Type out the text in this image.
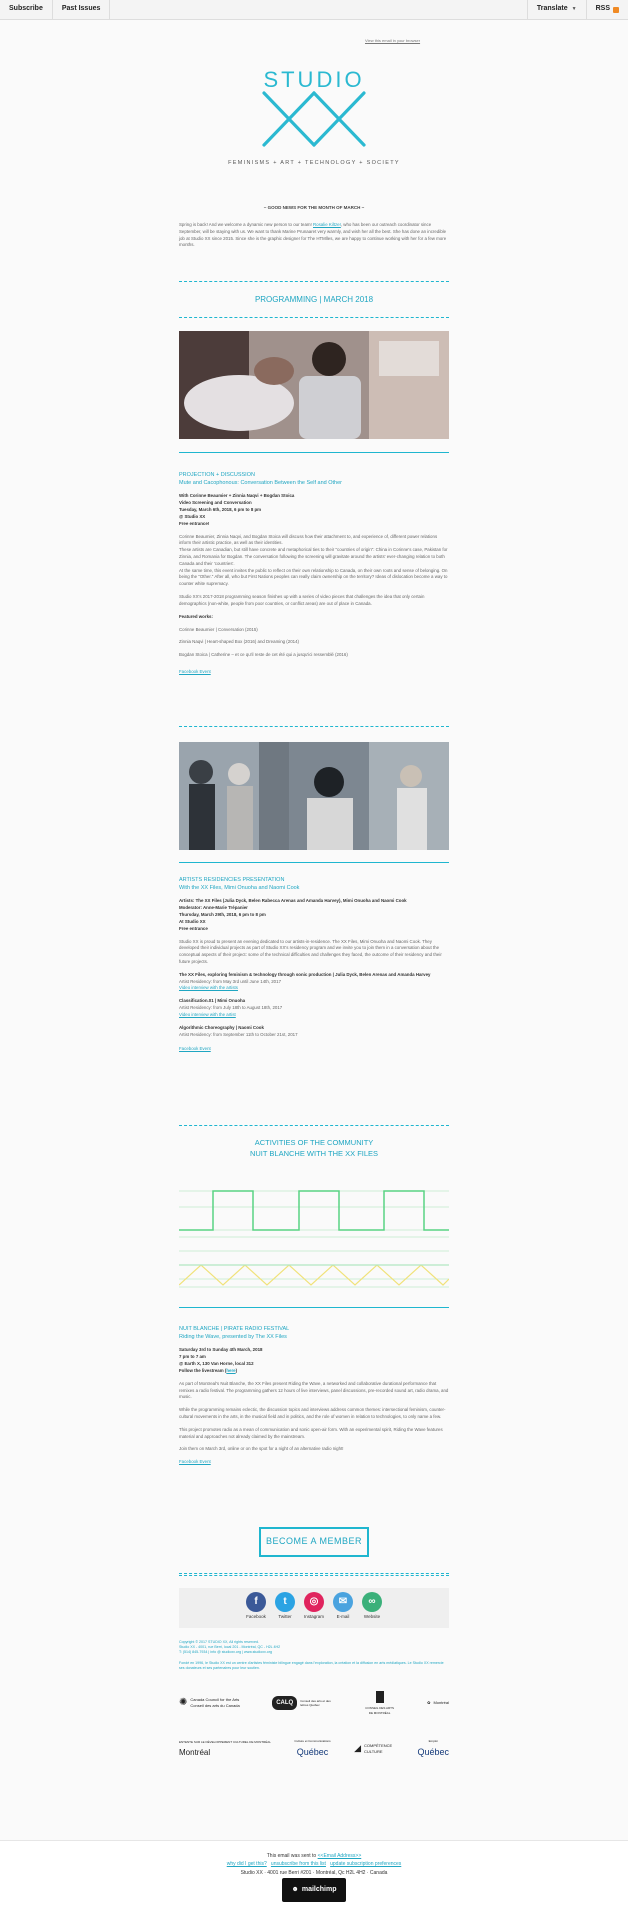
Subscribe	Past Issues	Translate ▼	RSS
View this email in your browser
STUDIO
FEMINISMS + ART + TECHNOLOGY + SOCIETY
~ GOOD NEWS FOR THE MONTH OF MARCH ~

Spring is back! And we welcome a dynamic new person to our team! Rosalie Kiltzer, who has been our outreach coordinator since September, will be staying with us. We want to thank Marine Prunaaret very warmly, and wish her all the best. She has done an incredible job at Studio XX since 2015. Since she is the graphic designer for The HTMlles, we are happy to continue working with her for a few more months.

PROGRAMMING | MARCH 2018
PROJECTION + DISCUSSION
Mute and Cacophonous: Conversation Between the Self and Other
With Corinne Beaumier + Zinnia Naqvi + Bogdan Stoica
Video Screening and Conversation
Tuesday, March 6th, 2018, 6 pm to 8 pm
@ Studio XX
Free entrance!
Corinne Beaumier, Zinnia Naqvi, and Bogdan Stoica will discuss how their attachment to, and experience of, different power relations inform their artistic practice, as well as their identities.
These artists are Canadian, but still have concrete and metaphorical ties to their "countries of origin": China in Corinne's case, Pakistan for Zinnia, and Romania for Bogdan. The conversation following the screening will gravitate around the artists' ever-changing relation to both Canada and their 'countries'.
At the same time, this event invites the public to reflect on their own relationship to Canada, on their own roots and sense of belonging. On being the "Other." After all, who but First Nations peoples can really claim ownership on the territory? Ideas of dislocation become a way to counter white supremacy.

Studio XX's 2017-2018 programming season finishes up with a series of video pieces that challenges the idea that only certain demographics (non-white, people from poor countries, or conflict areas) are out of place in Canada.

Featured works:

Corinne Beaumier | Conversation (2015)

Zinnia Naqvi | Heart-shaped Box (2016) and Dreaming (2014)

Bogdan Stoica | Catherine – et ce qu'il reste de cet été qui a jusqu'ici ressemblé (2016)

Facebook Event
ARTISTS RESIDENCIES PRESENTATION
With the XX Files, Mimi Onuoha and Naomi Cook
Artists: The XX Files (Julia Dyck, Belen Rabecca Arenas and Amanda Harvey), Mimi Onuoha and Naomi Cook
Moderator: Anne-Marie Trépanier
Thursday, March 29th, 2018, 6 pm to 8 pm
At Studio XX
Free entrance

Studio XX is proud to present an evening dedicated to our artists-in-residence. The XX Files, Mimi Onuoha and Naomi Cook. They developed their individual projects as part of Studio XX's residency program and we invite you to join them in a conversation about the conceptual aspects of their project: some of the technical difficulties and challenges they faced, the outcome of their residency and their future projects.

The XX Files, exploring feminism & technology through sonic production | Julia Dyck, Belen Arenas and Amanda Harvey
Artist Residency: from May 3rd until June 14th, 2017
Video interview with the artists
Classification.01 | Mimi Onuoha
Artist Residency: from July 18th to August 18th, 2017
Video interview with the artist
Algorithmic Choreography | Naomi Cook
Artist Residency: from September 11th to October 21st, 2017
Facebook Event
ACTIVITIES OF THE COMMUNITY
NUIT BLANCHE WITH THE XX FILES
NUIT BLANCHE | PIRATE RADIO FESTIVAL
Riding the Wave, presented by The XX Files
Saturday 3rd to Sunday 4th March, 2018
7 pm to 7 am
@ Earth X, 130 Van Horne, local 312
Follow the livestream (here)

As part of Montreal's Nuit Blanche, the XX Files present Riding the Wave, a networked and collaborative durational performance that remixes a radio festival. The programming gathers 12 hours of live interviews, panel discussions, pre-recorded sound art, radio drama, and music.

While the programming remains eclectic, the discussion topics and interviews address common themes: intersectional feminism, counter-cultural movements in the arts, in the musical field and in politics, and the role of women in relation to technologies, to only name a few.

This project promotes radio as a mean of communication and sonic open-air form. With an experimental spirit, Riding the Wave features material and approaches not already claimed by the mainstream.

Join them on March 3rd, online or on the spot for a night of an alternative radio night!

Facebook Event
BECOME A MEMBER
f
Facebook
t
Twitter
◎
Instagram
✉
E-mail
∞
Website
Copyright © 2017 STUDIO XX, All rights reserved.
Studio XX - 4001, rue Berri, local 201 - Montréal, QC - H2L 4H2
T: (514) 845-7934 | info @ studioxx.org | www.studioxx.org
Fondé en 1996, le Studio XX est un centre d'artistes féministe bilingue engagé dans l'exploration, la création et la diffusion en arts médiatiques. Le Studio XX remercie ses donateurs et ses partenaires pour leur soutien.
✺ Canada Council for the Arts
Conseil des arts du Canada	CALQ	Conseil des arts et des lettres Québec
CONSEIL DES ARTS DE MONTRÉAL
✿ Montréal
ENTENTE SUR LE DÉVELOPPEMENT CULTUREL DE MONTRÉAL
Montréal
Culture et Communications
Québec	◢ COMPÉTENCE CULTURE
Emploi
Québec
This email was sent to <<Email Address>>
why did I get this? unsubscribe from this list update subscription preferences
Studio XX · 4001 rue Berri #201 · Montréal, Qc H2L 4H2 · Canada
☻ mailchimp
